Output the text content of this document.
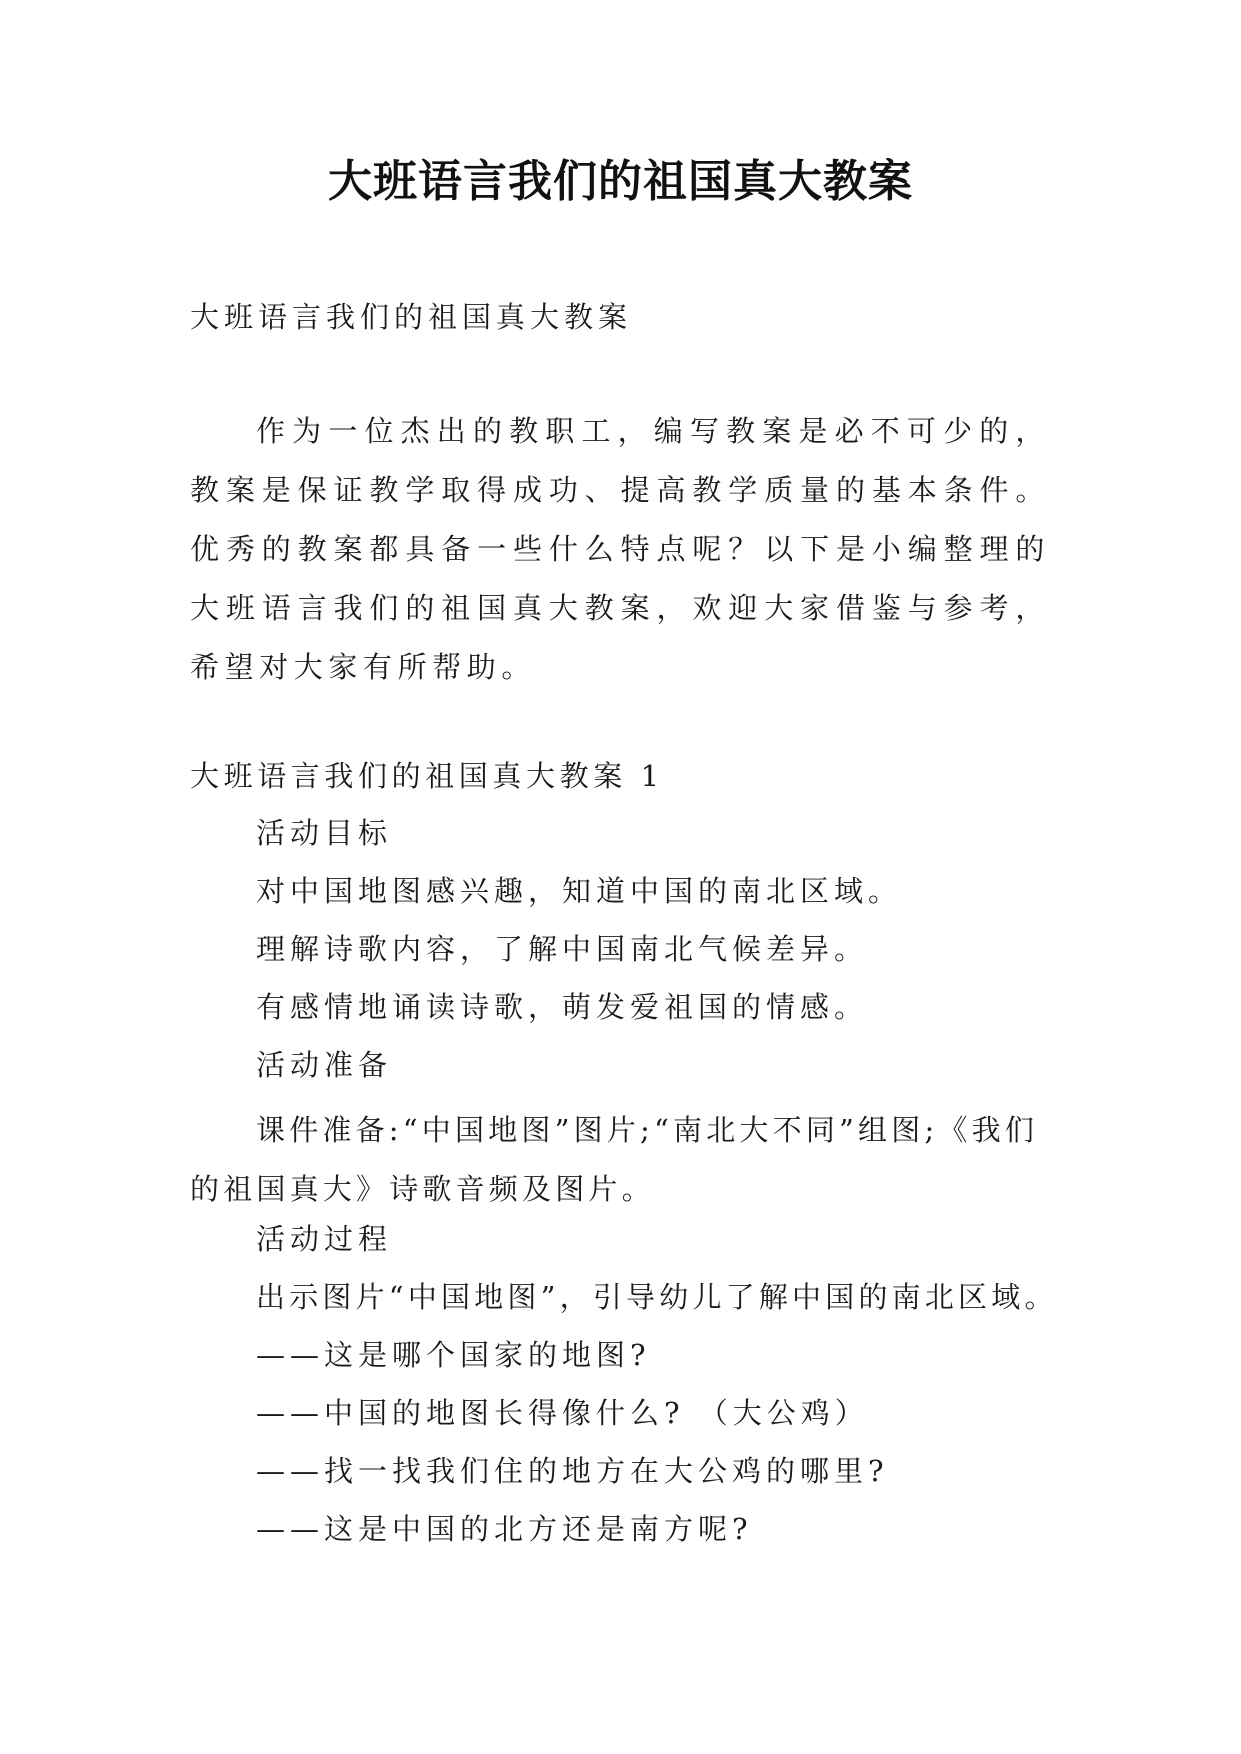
大班语言我们的祖国真大教案

大班语言我们的祖国真大教案

作为一位杰出的教职工，编写教案是必不可少的，教案是保证教学取得成功、提高教学质量的基本条件。优秀的教案都具备一些什么特点呢？以下是小编整理的大班语言我们的祖国真大教案，欢迎大家借鉴与参考，希望对大家有所帮助。

大班语言我们的祖国真大教案 1

活动目标

对中国地图感兴趣，知道中国的南北区域。

理解诗歌内容，了解中国南北气候差异。

有感情地诵读诗歌，萌发爱祖国的情感。

活动准备

课件准备:“中国地图”图片;“南北大不同”组图;《我们的祖国真大》诗歌音频及图片。

活动过程

出示图片“中国地图”，引导幼儿了解中国的南北区域。

——这是哪个国家的地图?

——中国的地图长得像什么? （大公鸡）

——找一找我们住的地方在大公鸡的哪里?

——这是中国的北方还是南方呢?
